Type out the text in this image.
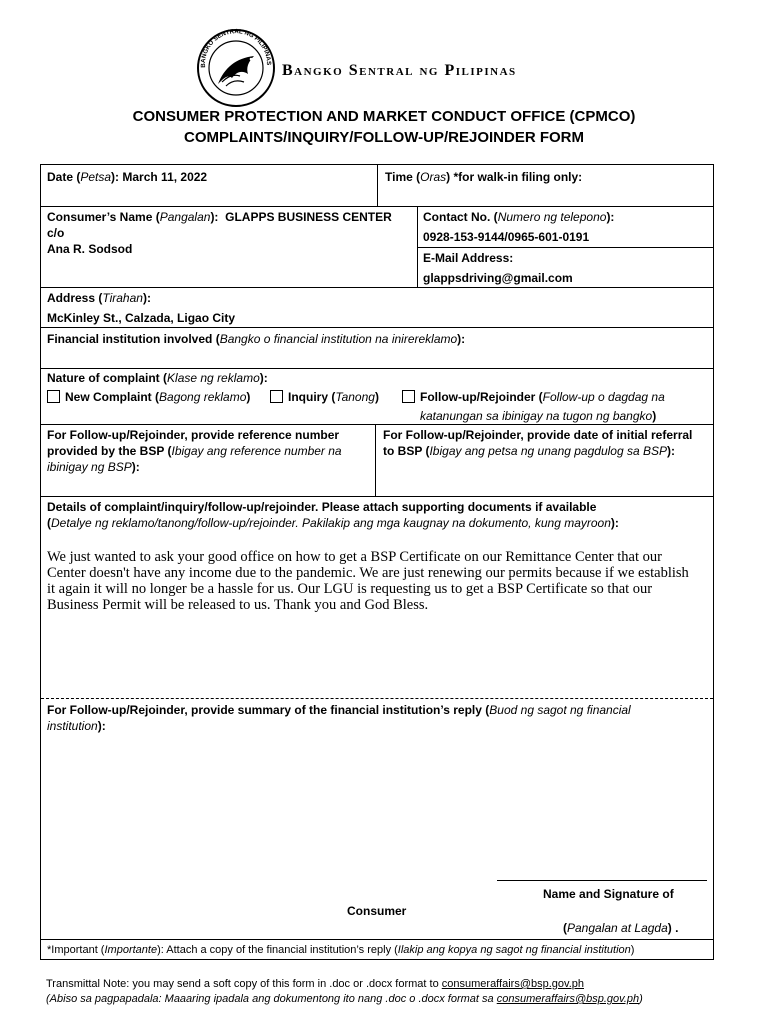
BANGKO SENTRAL NG PILIPINAS Bangko Sentral ng Pilipinas
CONSUMER PROTECTION AND MARKET CONDUCT OFFICE (CPMCO)
COMPLAINTS/INQUIRY/FOLLOW-UP/REJOINDER FORM
Date (Petsa): March 11, 2022	Time (Oras) *for walk-in filing only:
Consumer’s Name (Pangalan):  GLAPPS BUSINESS CENTER c/o
Ana R. Sodsod
Contact No. (Numero ng telepono):
0928-153-9144/0965-601-0191
E-Mail Address:
glappsdriving@gmail.com
Address (Tirahan):
McKinley St., Calzada, Ligao City
Financial institution involved (Bangko o financial institution na inirereklamo):
Nature of complaint (Klase ng reklamo):
New Complaint (Bagong reklamo)	Inquiry (Tanong)	Follow-up/Rejoinder (Follow-up o dagdag na
katanungan sa ibinigay na tugon ng bangko)
For Follow-up/Rejoinder, provide reference number
provided by the BSP (Ibigay ang reference number na
ibinigay ng BSP):
For Follow-up/Rejoinder, provide date of initial referral
to BSP (Ibigay ang petsa ng unang pagdulog sa BSP):
Details of complaint/inquiry/follow-up/rejoinder. Please attach supporting documents if available
(Detalye ng reklamo/tanong/follow-up/rejoinder. Pakilakip ang mga kaugnay na dokumento, kung mayroon):
We just wanted to ask your good office on how to get a BSP Certificate on our Remittance Center that our
Center doesn't have any income due to the pandemic. We are just renewing our permits because if we establish
it again it will no longer be a hassle for us. Our LGU is requesting us to get a BSP Certificate so that our
Business Permit will be released to us. Thank you and God Bless.
For Follow-up/Rejoinder, provide summary of the financial institution’s reply (Buod ng sagot ng financial
institution):
Name and Signature of
Consumer
(Pangalan at Lagda) .
*Important (Importante): Attach a copy of the financial institution’s reply (Ilakip ang kopya ng sagot ng financial institution)
Transmittal Note: you may send a soft copy of this form in .doc or .docx format to consumeraffairs@bsp.gov.ph
(Abiso sa pagpapadala: Maaaring ipadala ang dokumentong ito nang .doc o .docx format sa consumeraffairs@bsp.gov.ph)
